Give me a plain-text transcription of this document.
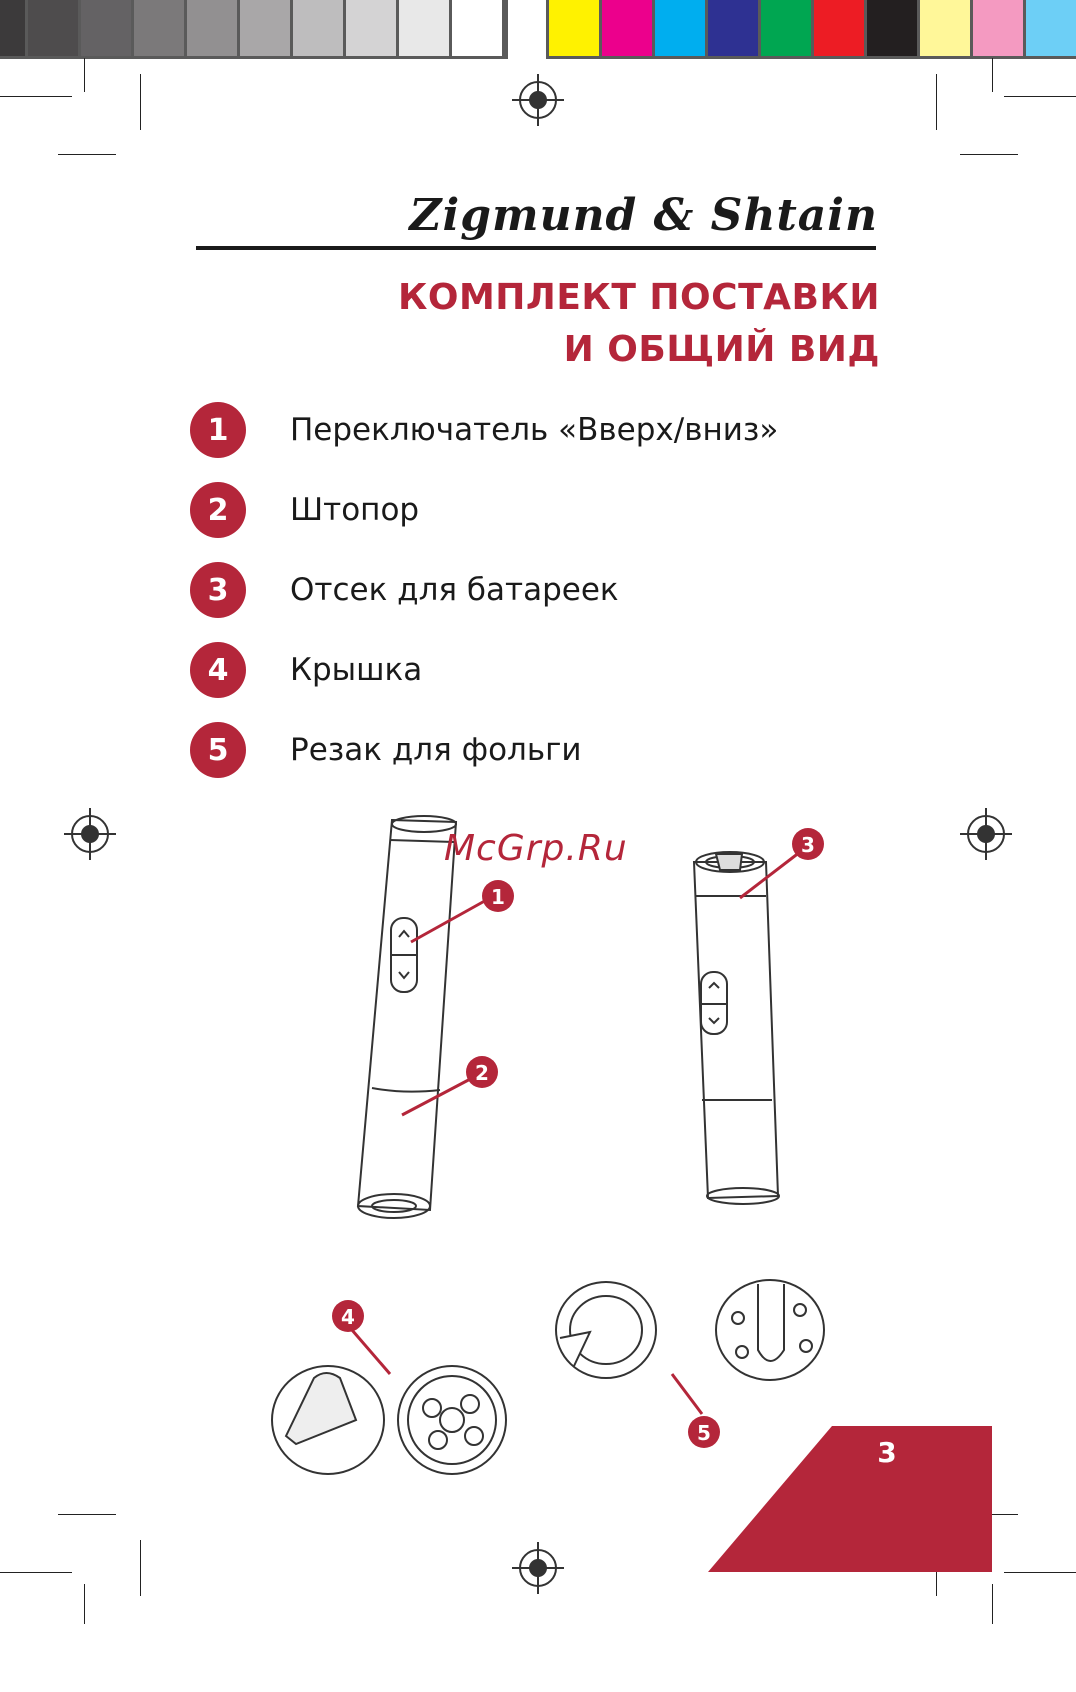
Zigmund & Shtain
КОМПЛЕКТ ПОСТАВКИ
И ОБЩИЙ ВИД
1	Переключатель «Вверх/вниз»
2	Штопор
3	Отсек для батареек
4	Крышка
5	Резак для фольги
1
2
3
4
5
McGrp.Ru
3
